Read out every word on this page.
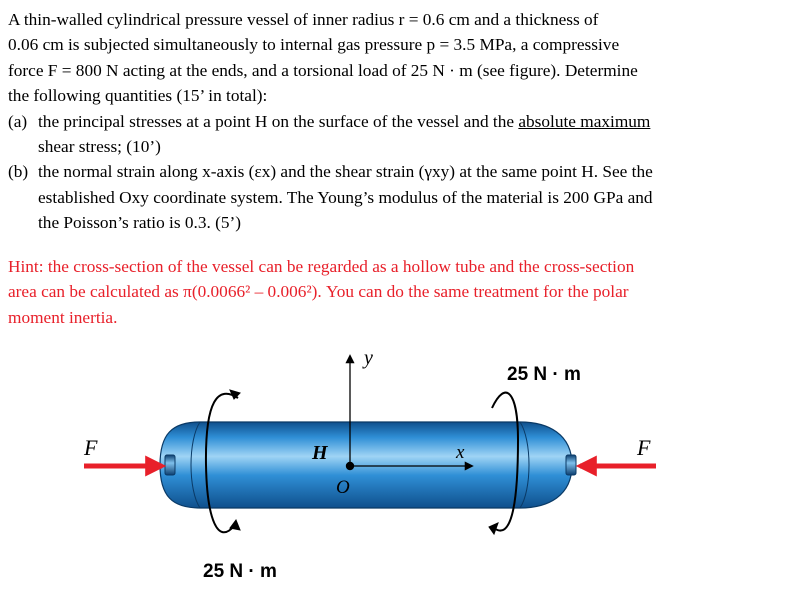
A thin-walled cylindrical pressure vessel of inner radius r = 0.6 cm and a thickness of

0.06 cm is subjected simultaneously to internal gas pressure p = 3.5 MPa, a compressive

force F = 800 N acting at the ends, and a torsional load of 25 N · m (see figure). Determine

the following quantities (15’ in total):

(a) the principal stresses at a point H on the surface of the vessel and the absolute maximum

shear stress; (10’)

(b) the normal strain along x-axis (εx) and the shear strain (γxy) at the same point H. See the

established Oxy coordinate system. The Young’s modulus of the material is 200 GPa and

the Poisson’s ratio is 0.3. (5’)

Hint: the cross-section of the vessel can be regarded as a hollow tube and the cross-section

area can be calculated as π(0.0066² – 0.006²). You can do the same treatment for the polar

moment inertia.

F	F
H
O
x
y
25 N · m
25 N · m
